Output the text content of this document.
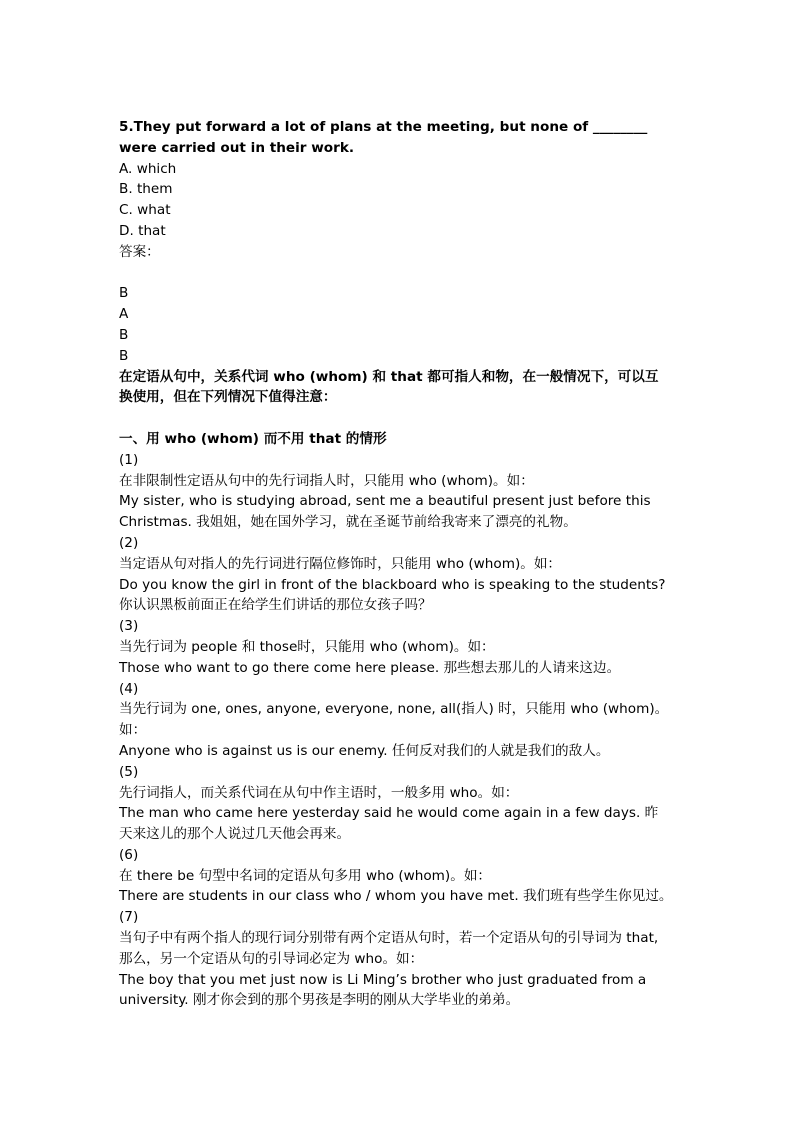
5.They put forward a lot of plans at the meeting, but none of ________
were carried out in their work.
A. which
B. them
C. what
D. that
答案：
B
A
B
B
在定语从句中，关系代词 who (whom) 和 that 都可指人和物，在一般情况下，可以互
换使用，但在下列情况下值得注意：
一、用 who (whom) 而不用 that 的情形
(1)
在非限制性定语从句中的先行词指人时，只能用 who (whom)。如：
My sister, who is studying abroad, sent me a beautiful present just before this
Christmas. 我姐姐，她在国外学习，就在圣诞节前给我寄来了漂亮的礼物。
(2)
当定语从句对指人的先行词进行隔位修饰时，只能用 who (whom)。如：
Do you know the girl in front of the blackboard who is speaking to the students?
你认识黑板前面正在给学生们讲话的那位女孩子吗？
(3)
当先行词为 people 和 those时，只能用 who (whom)。如：
Those who want to go there come here please. 那些想去那儿的人请来这边。
(4)
当先行词为 one, ones, anyone, everyone, none, all(指人) 时，只能用 who (whom)。
如：
Anyone who is against us is our enemy. 任何反对我们的人就是我们的敌人。
(5)
先行词指人，而关系代词在从句中作主语时，一般多用 who。如：
The man who came here yesterday said he would come again in a few days. 昨
天来这儿的那个人说过几天他会再来。
(6)
在 there be 句型中名词的定语从句多用 who (whom)。如：
There are students in our class who / whom you have met. 我们班有些学生你见过。
(7)
当句子中有两个指人的现行词分别带有两个定语从句时，若一个定语从句的引导词为 that,
那么，另一个定语从句的引导词必定为 who。如：
The boy that you met just now is Li Ming’s brother who just graduated from a
university. 刚才你会到的那个男孩是李明的刚从大学毕业的弟弟。
